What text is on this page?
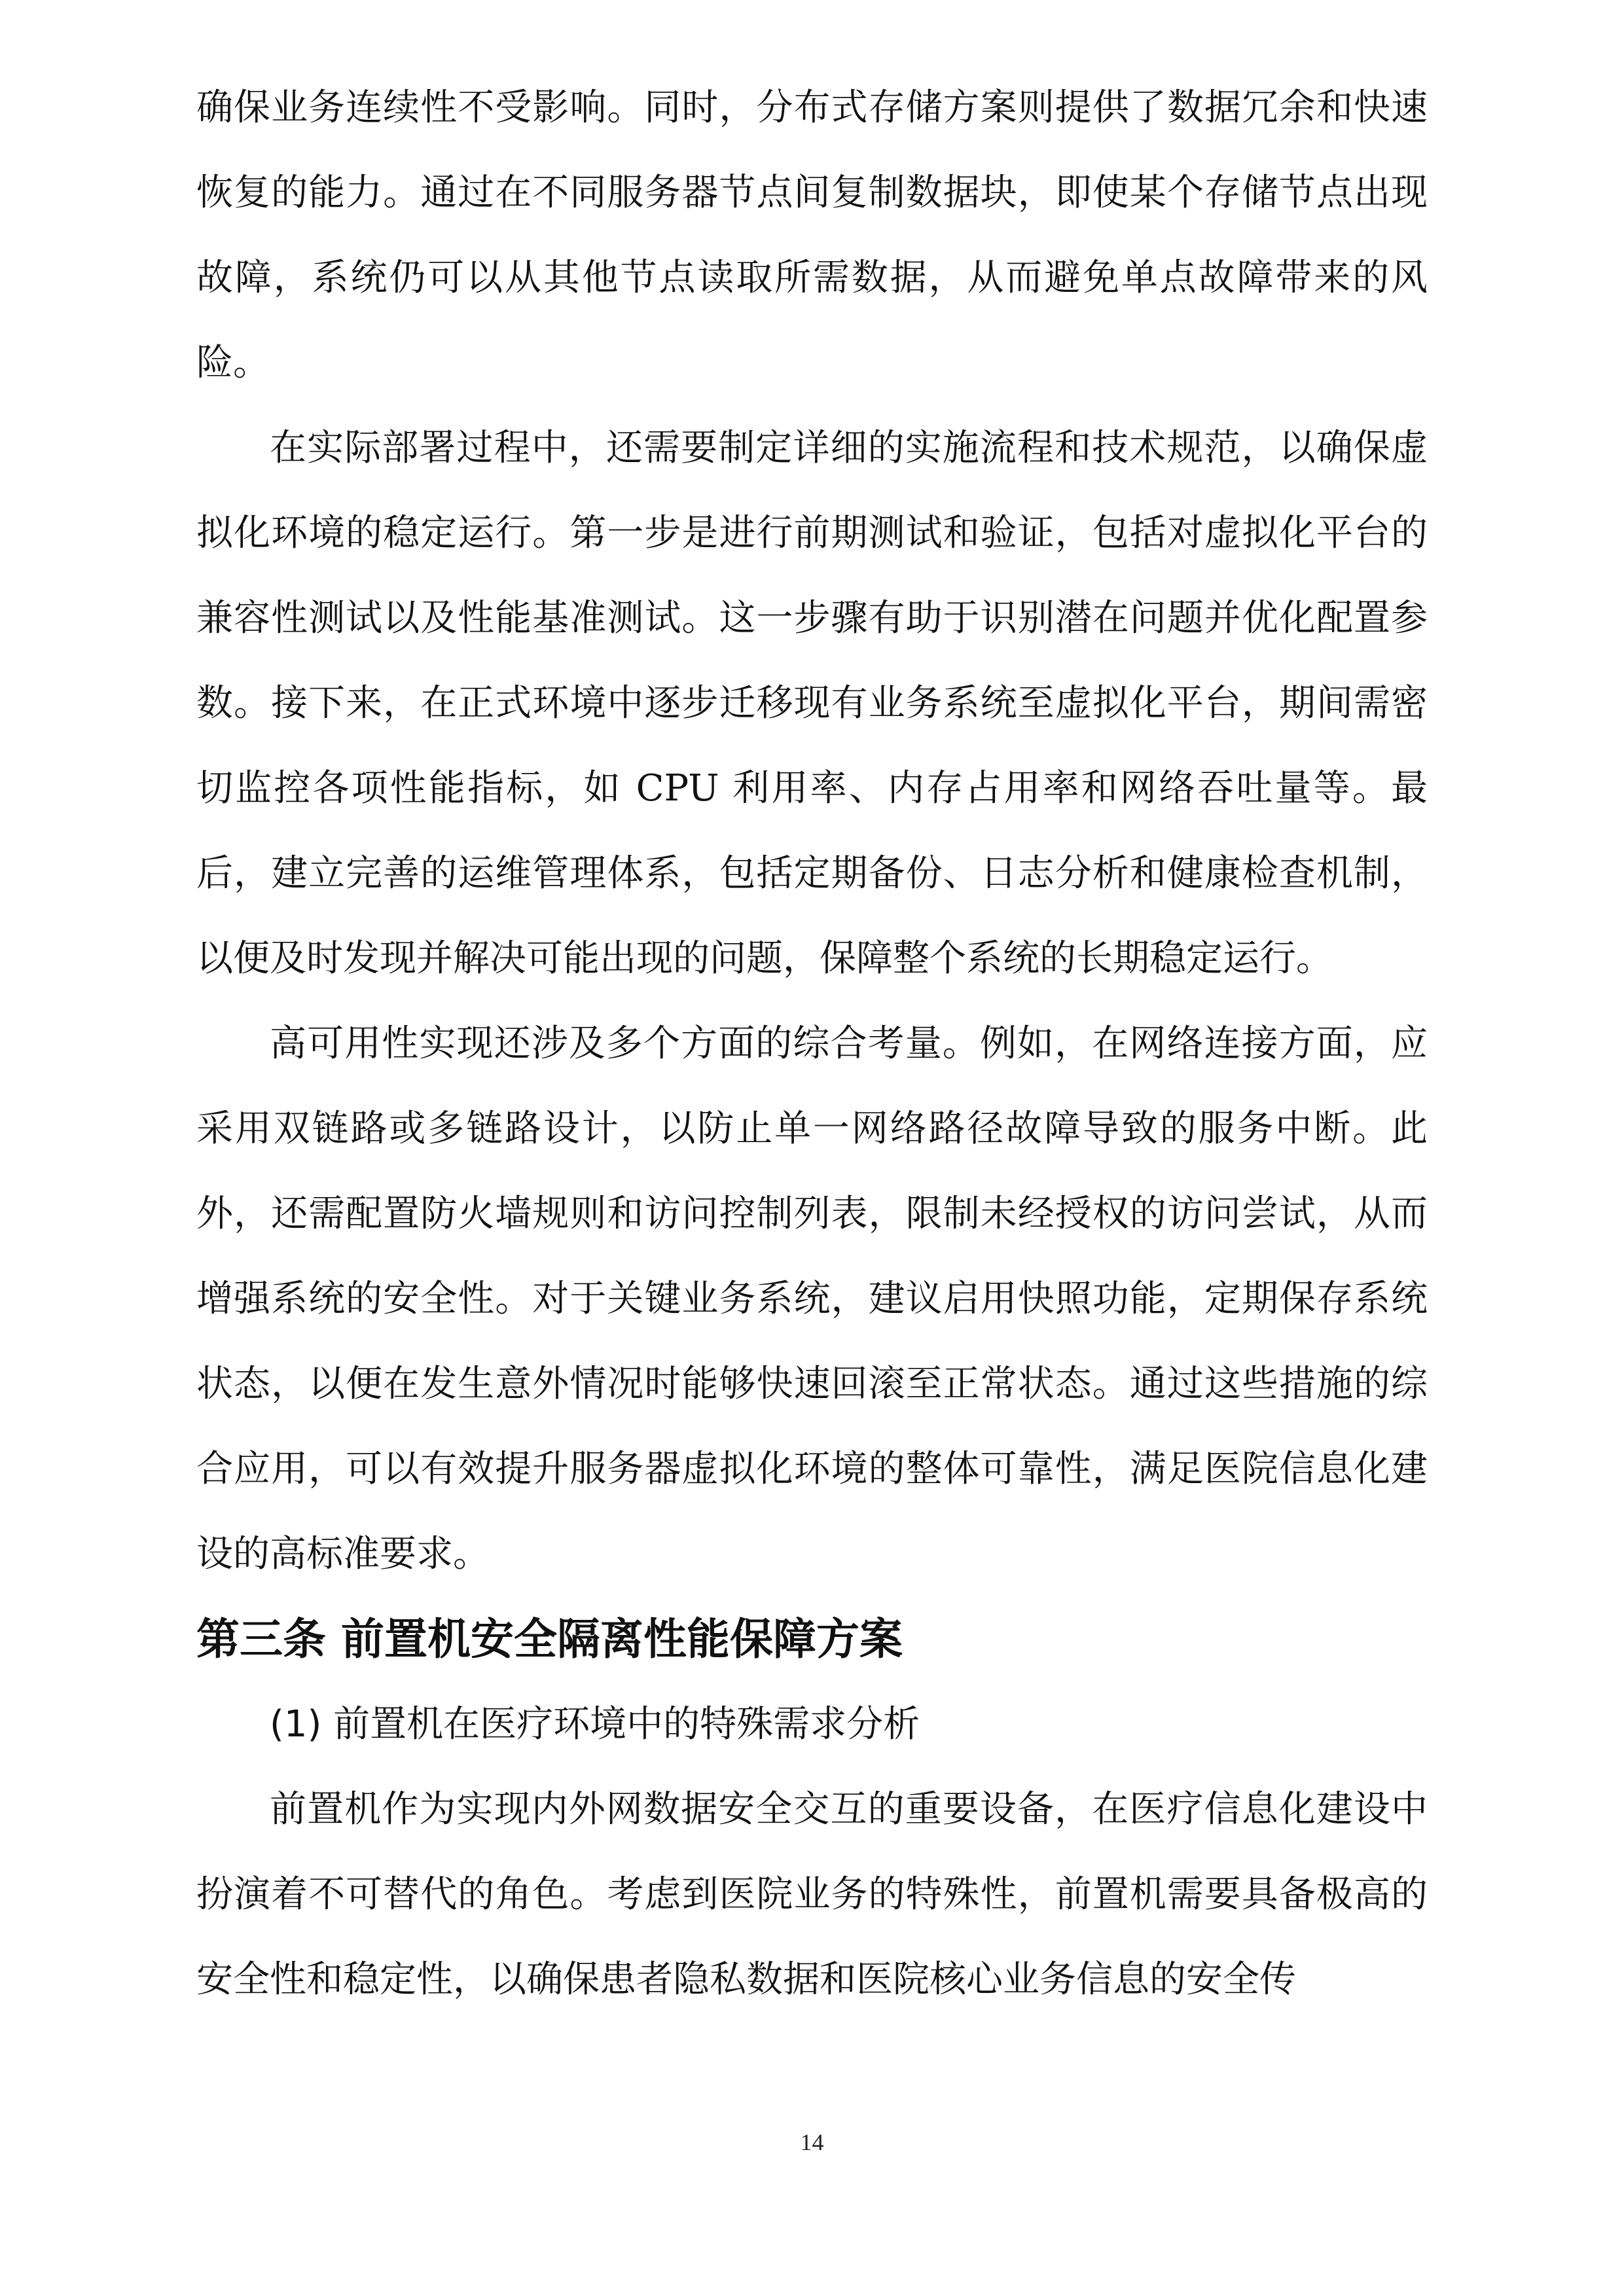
确保业务连续性不受影响。同时，分布式存储方案则提供了数据冗余和快速恢复的能力。通过在不同服务器节点间复制数据块，即使某个存储节点出现故障，系统仍可以从其他节点读取所需数据，从而避免单点故障带来的风险。

在实际部署过程中，还需要制定详细的实施流程和技术规范，以确保虚拟化环境的稳定运行。第一步是进行前期测试和验证，包括对虚拟化平台的兼容性测试以及性能基准测试。这一步骤有助于识别潜在问题并优化配置参数。接下来，在正式环境中逐步迁移现有业务系统至虚拟化平台，期间需密切监控各项性能指标，如 CPU 利用率、内存占用率和网络吞吐量等。最后，建立完善的运维管理体系，包括定期备份、日志分析和健康检查机制，以便及时发现并解决可能出现的问题，保障整个系统的长期稳定运行。

高可用性实现还涉及多个方面的综合考量。例如，在网络连接方面，应采用双链路或多链路设计，以防止单一网络路径故障导致的服务中断。此外，还需配置防火墙规则和访问控制列表，限制未经授权的访问尝试，从而增强系统的安全性。对于关键业务系统，建议启用快照功能，定期保存系统状态，以便在发生意外情况时能够快速回滚至正常状态。通过这些措施的综合应用，可以有效提升服务器虚拟化环境的整体可靠性，满足医院信息化建设的高标准要求。

第三条 前置机安全隔离性能保障方案

(1) 前置机在医疗环境中的特殊需求分析

前置机作为实现内外网数据安全交互的重要设备，在医疗信息化建设中扮演着不可替代的角色。考虑到医院业务的特殊性，前置机需要具备极高的安全性和稳定性，以确保患者隐私数据和医院核心业务信息的安全传

14
